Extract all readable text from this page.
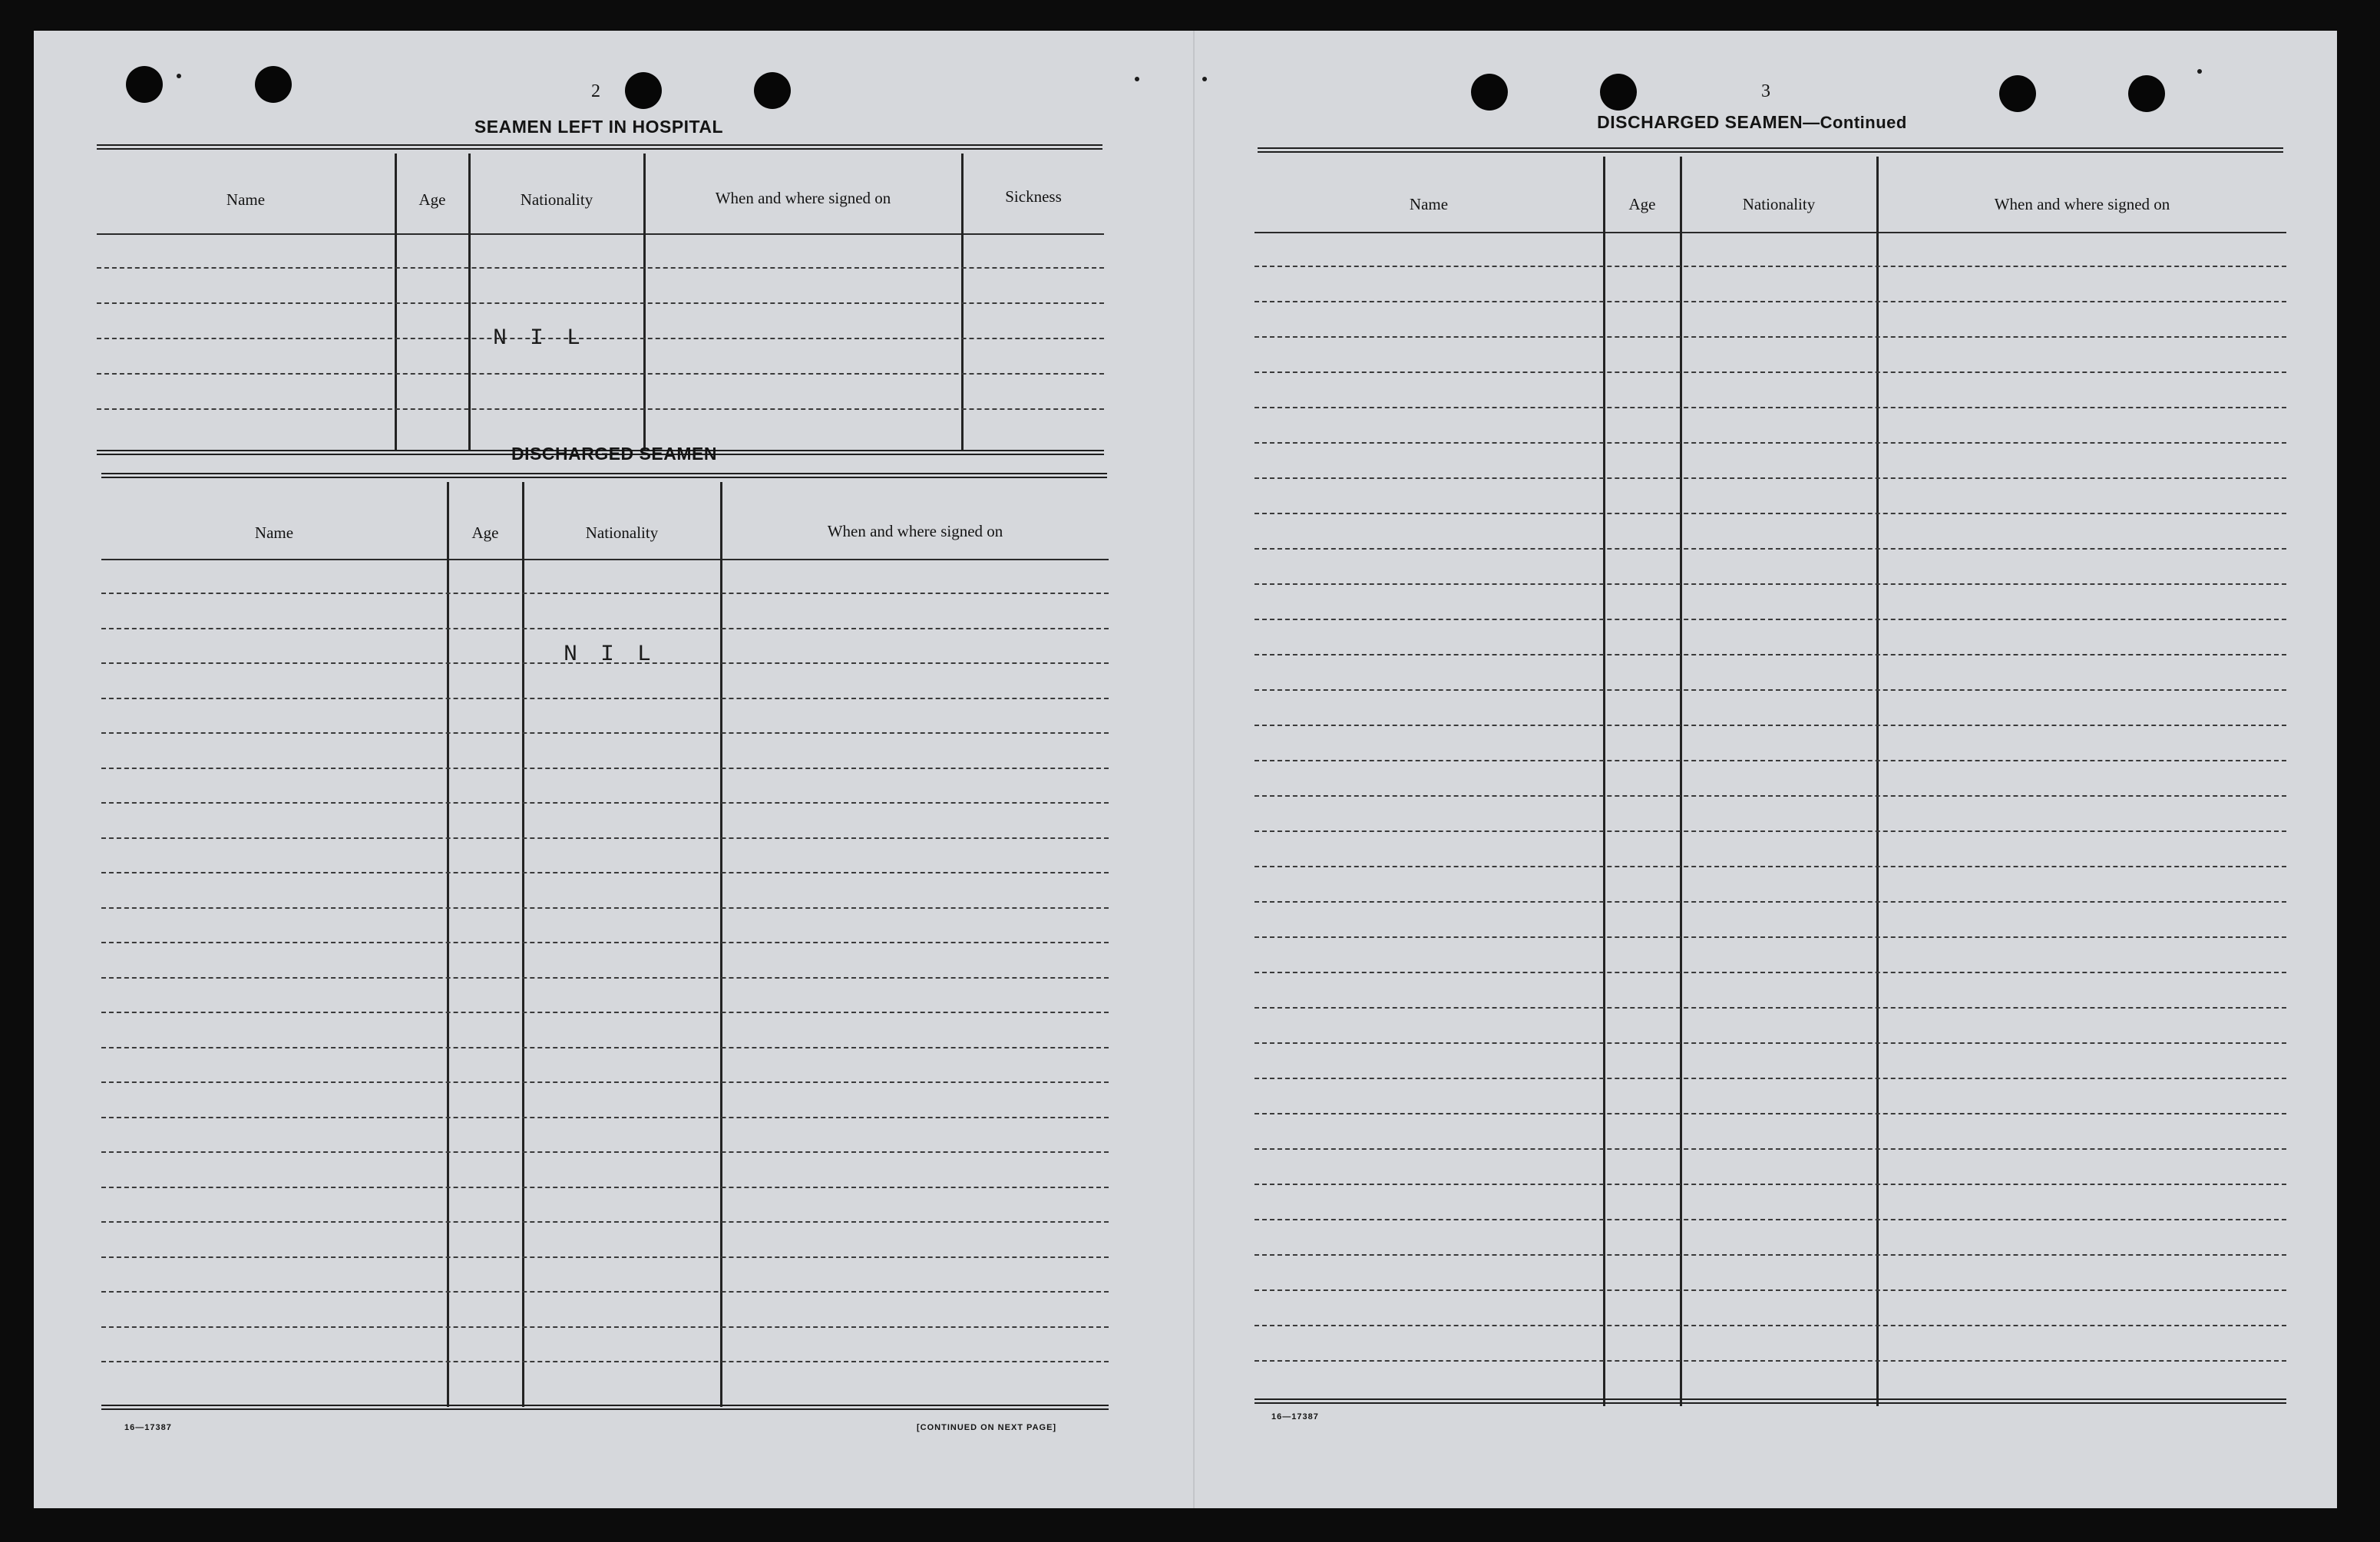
2
SEAMEN LEFT IN HOSPITAL
Name	Age	Nationality	When and where signed on	Sickness
N I L
DISCHARGED SEAMEN
Name	Age	Nationality	When and where signed on
N I L
16—17387	[CONTINUED ON NEXT PAGE]
3
DISCHARGED SEAMEN—Continued
Name	Age	Nationality	When and where signed on
16—17387
